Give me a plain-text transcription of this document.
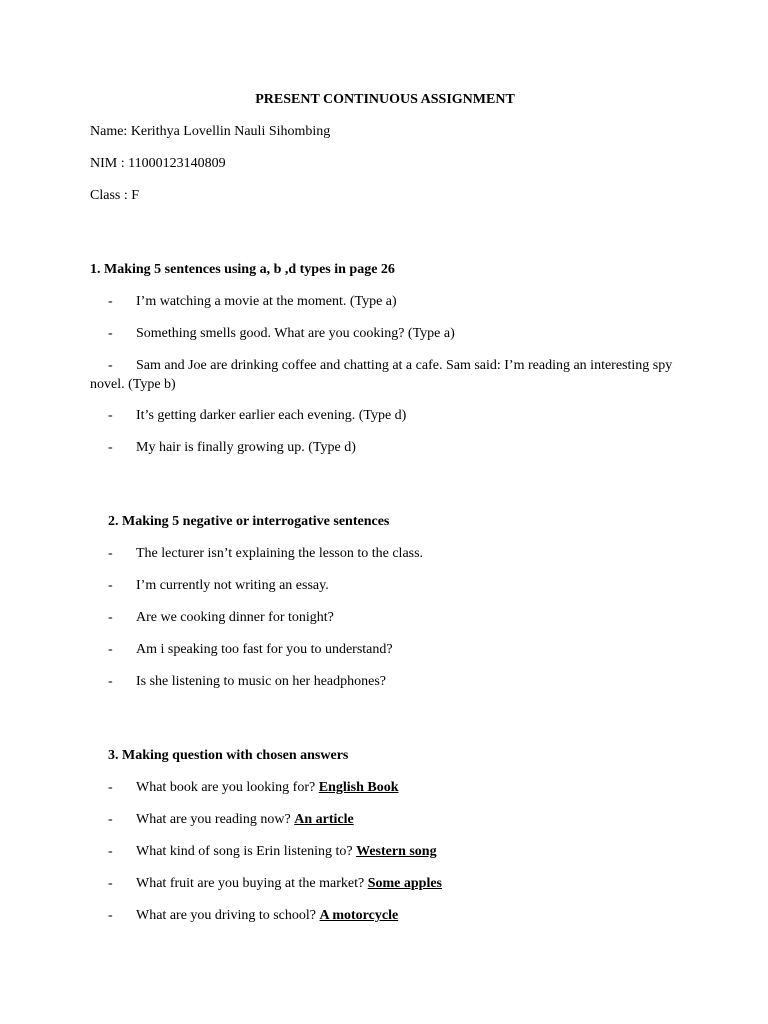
PRESENT CONTINUOUS ASSIGNMENT
Name: Kerithya Lovellin Nauli Sihombing
NIM : 11000123140809
Class : F
1. Making 5 sentences using a, b ,d types in page 26
- I’m watching a movie at the moment. (Type a)
- Something smells good. What are you cooking? (Type a)
- Sam and Joe are drinking coffee and chatting at a cafe. Sam said: I’m reading an interesting spy novel. (Type b)
- It’s getting darker earlier each evening. (Type d)
- My hair is finally growing up. (Type d)
2. Making 5 negative or interrogative sentences
- The lecturer isn’t explaining the lesson to the class.
- I’m currently not writing an essay.
- Are we cooking dinner for tonight?
- Am i speaking too fast for you to understand?
- Is she listening to music on her headphones?
3. Making question with chosen answers
- What book are you looking for? English Book
- What are you reading now? An article
- What kind of song is Erin listening to? Western song
- What fruit are you buying at the market? Some apples
- What are you driving to school? A motorcycle
